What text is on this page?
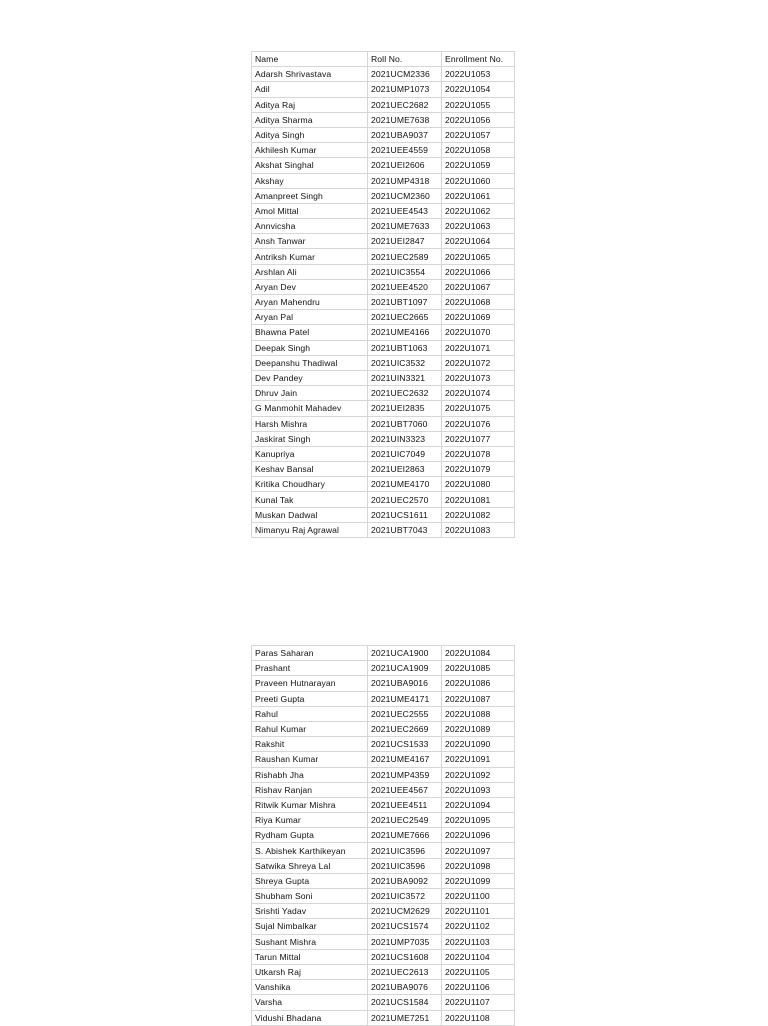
Name	Roll No.	Enrollment No.
Adarsh Shrivastava	2021UCM2336	2022U1053
Adil	2021UMP1073	2022U1054
Aditya Raj	2021UEC2682	2022U1055
Aditya Sharma	2021UME7638	2022U1056
Aditya Singh	2021UBA9037	2022U1057
Akhilesh Kumar	2021UEE4559	2022U1058
Akshat Singhal	2021UEI2606	2022U1059
Akshay	2021UMP4318	2022U1060
Amanpreet Singh	2021UCM2360	2022U1061
Amol Mittal	2021UEE4543	2022U1062
Annvicsha	2021UME7633	2022U1063
Ansh Tanwar	2021UEI2847	2022U1064
Antriksh Kumar	2021UEC2589	2022U1065
Arshlan Ali	2021UIC3554	2022U1066
Aryan Dev	2021UEE4520	2022U1067
Aryan Mahendru	2021UBT1097	2022U1068
Aryan Pal	2021UEC2665	2022U1069
Bhawna Patel	2021UME4166	2022U1070
Deepak Singh	2021UBT1063	2022U1071
Deepanshu Thadiwal	2021UIC3532	2022U1072
Dev Pandey	2021UIN3321	2022U1073
Dhruv Jain	2021UEC2632	2022U1074
G Manmohit Mahadev	2021UEI2835	2022U1075
Harsh Mishra	2021UBT7060	2022U1076
Jaskirat Singh	2021UIN3323	2022U1077
Kanupriya	2021UIC7049	2022U1078
Keshav Bansal	2021UEI2863	2022U1079
Kritika Choudhary	2021UME4170	2022U1080
Kunal Tak	2021UEC2570	2022U1081
Muskan Dadwal	2021UCS1611	2022U1082
Nimanyu Raj Agrawal	2021UBT7043	2022U1083
Paras Saharan	2021UCA1900	2022U1084
Prashant	2021UCA1909	2022U1085
Praveen Hutnarayan	2021UBA9016	2022U1086
Preeti Gupta	2021UME4171	2022U1087
Rahul	2021UEC2555	2022U1088
Rahul Kumar	2021UEC2669	2022U1089
Rakshit	2021UCS1533	2022U1090
Raushan Kumar	2021UME4167	2022U1091
Rishabh Jha	2021UMP4359	2022U1092
Rishav Ranjan	2021UEE4567	2022U1093
Ritwik Kumar Mishra	2021UEE4511	2022U1094
Riya Kumar	2021UEC2549	2022U1095
Rydham Gupta	2021UME7666	2022U1096
S. Abishek Karthikeyan	2021UIC3596	2022U1097
Satwika Shreya Lal	2021UIC3596	2022U1098
Shreya Gupta	2021UBA9092	2022U1099
Shubham Soni	2021UIC3572	2022U1100
Srishti Yadav	2021UCM2629	2022U1101
Sujal Nimbalkar	2021UCS1574	2022U1102
Sushant Mishra	2021UMP7035	2022U1103
Tarun Mittal	2021UCS1608	2022U1104
Utkarsh Raj	2021UEC2613	2022U1105
Vanshika	2021UBA9076	2022U1106
Varsha	2021UCS1584	2022U1107
Vidushi Bhadana	2021UME7251	2022U1108
